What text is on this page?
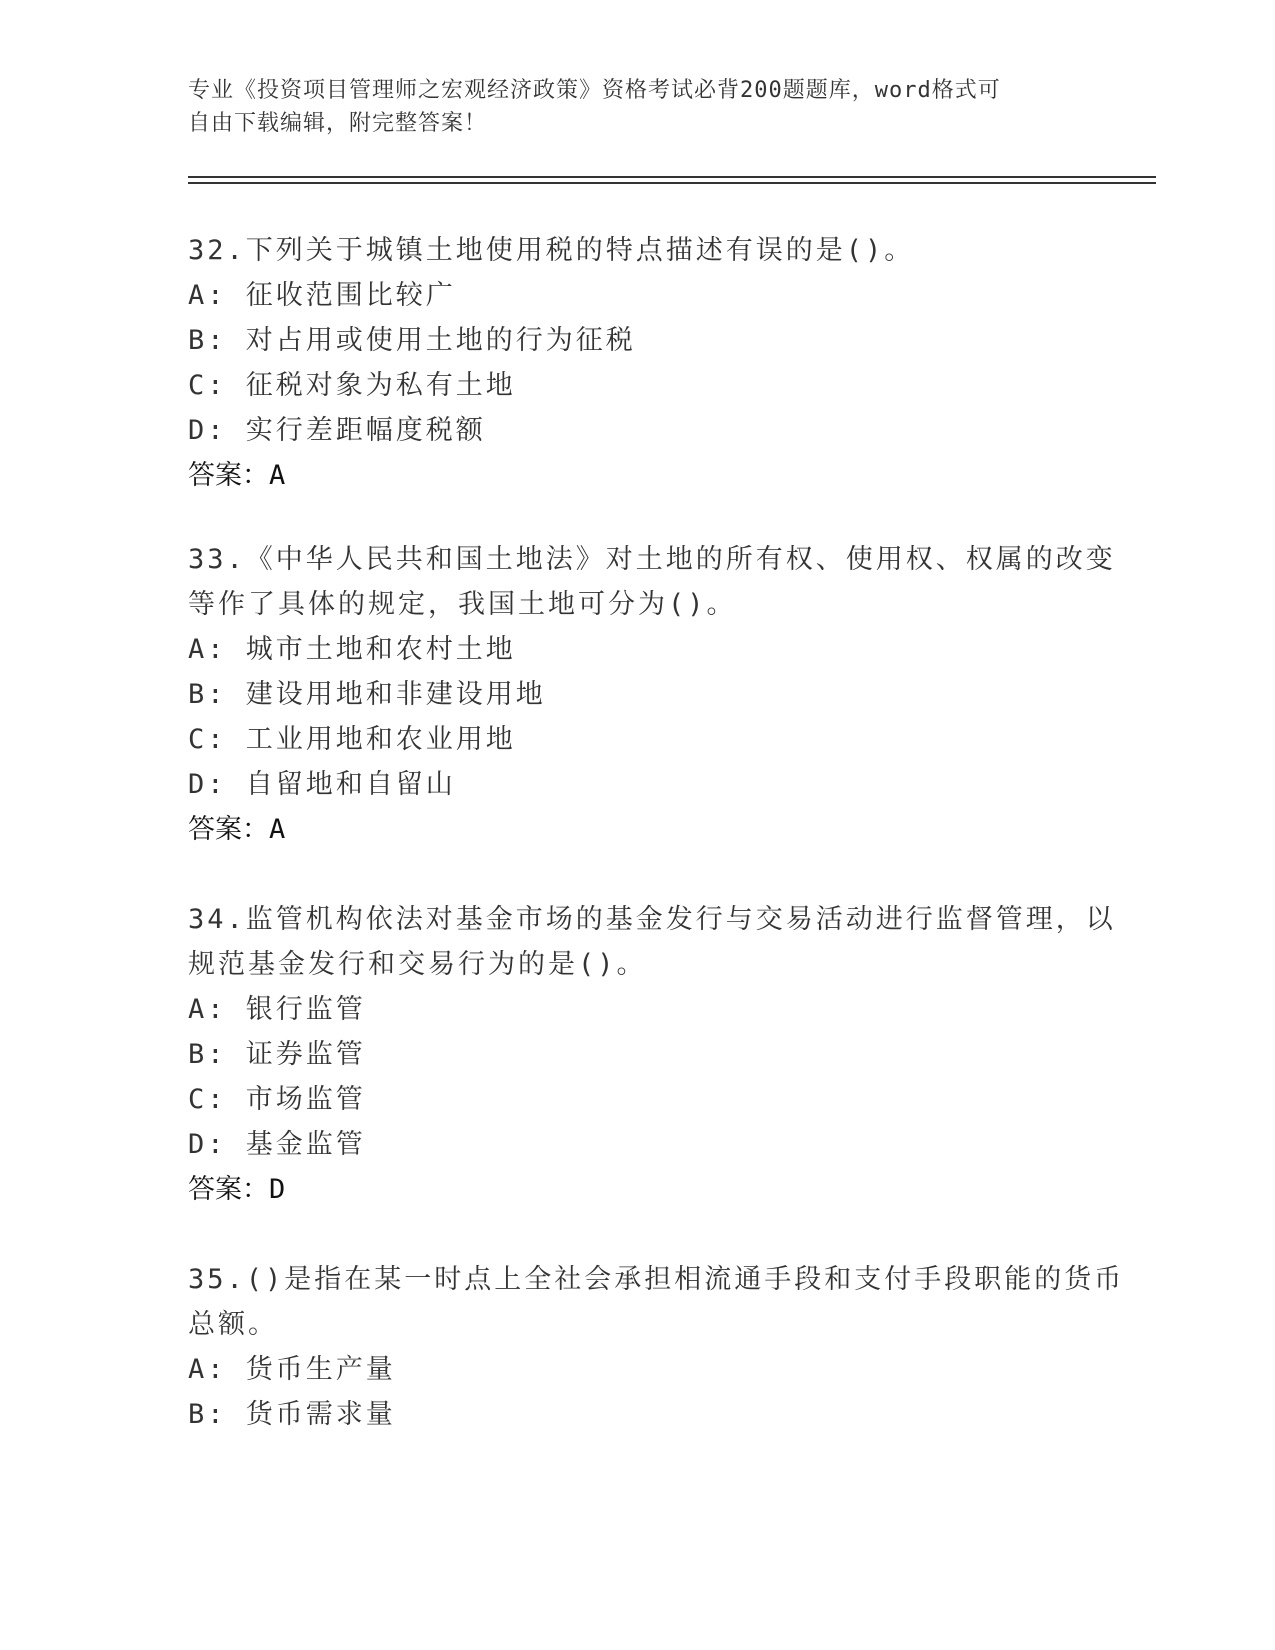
专业《投资项目管理师之宏观经济政策》资格考试必背200题题库，word格式可
自由下载编辑，附完整答案！
32.下列关于城镇土地使用税的特点描述有误的是()。
A: 征收范围比较广
B: 对占用或使用土地的行为征税
C: 征税对象为私有土地
D: 实行差距幅度税额
答案：A
33.《中华人民共和国土地法》对土地的所有权、使用权、权属的改变
等作了具体的规定，我国土地可分为()。
A: 城市土地和农村土地
B: 建设用地和非建设用地
C: 工业用地和农业用地
D: 自留地和自留山
答案：A
34.监管机构依法对基金市场的基金发行与交易活动进行监督管理，以
规范基金发行和交易行为的是()。
A: 银行监管
B: 证券监管
C: 市场监管
D: 基金监管
答案：D
35.()是指在某一时点上全社会承担相流通手段和支付手段职能的货币
总额。
A: 货币生产量
B: 货币需求量
